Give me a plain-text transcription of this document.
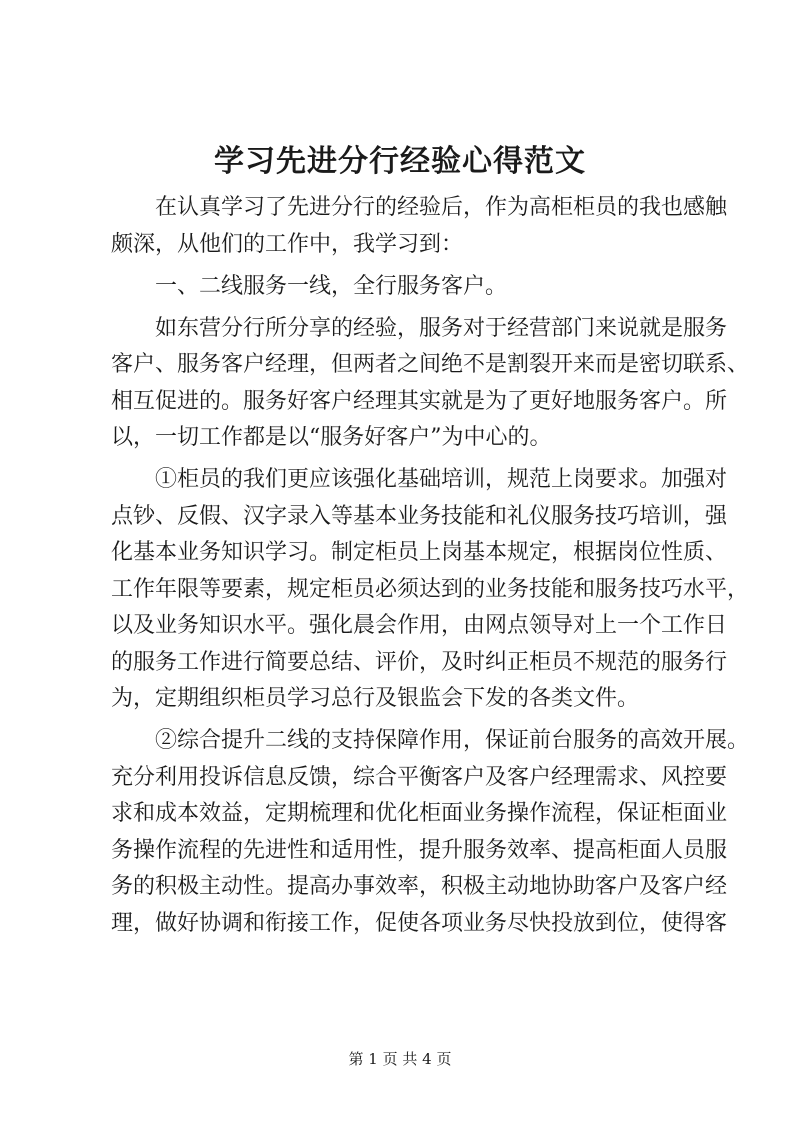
学习先进分行经验心得范文
在认真学习了先进分行的经验后，作为高柜柜员的我也感触
颇深，从他们的工作中，我学习到：
一、二线服务一线，全行服务客户。
如东营分行所分享的经验，服务对于经营部门来说就是服务
客户、服务客户经理，但两者之间绝不是割裂开来而是密切联系、
相互促进的。服务好客户经理其实就是为了更好地服务客户。所
以，一切工作都是以“服务好客户”为中心的。
①柜员的我们更应该强化基础培训，规范上岗要求。加强对
点钞、反假、汉字录入等基本业务技能和礼仪服务技巧培训，强
化基本业务知识学习。制定柜员上岗基本规定，根据岗位性质、
工作年限等要素，规定柜员必须达到的业务技能和服务技巧水平，
以及业务知识水平。强化晨会作用，由网点领导对上一个工作日
的服务工作进行简要总结、评价，及时纠正柜员不规范的服务行
为，定期组织柜员学习总行及银监会下发的各类文件。
②综合提升二线的支持保障作用，保证前台服务的高效开展。
充分利用投诉信息反馈，综合平衡客户及客户经理需求、风控要
求和成本效益，定期梳理和优化柜面业务操作流程，保证柜面业
务操作流程的先进性和适用性，提升服务效率、提高柜面人员服
务的积极主动性。提高办事效率，积极主动地协助客户及客户经
理，做好协调和衔接工作，促使各项业务尽快投放到位，使得客
第 1 页 共 4 页
